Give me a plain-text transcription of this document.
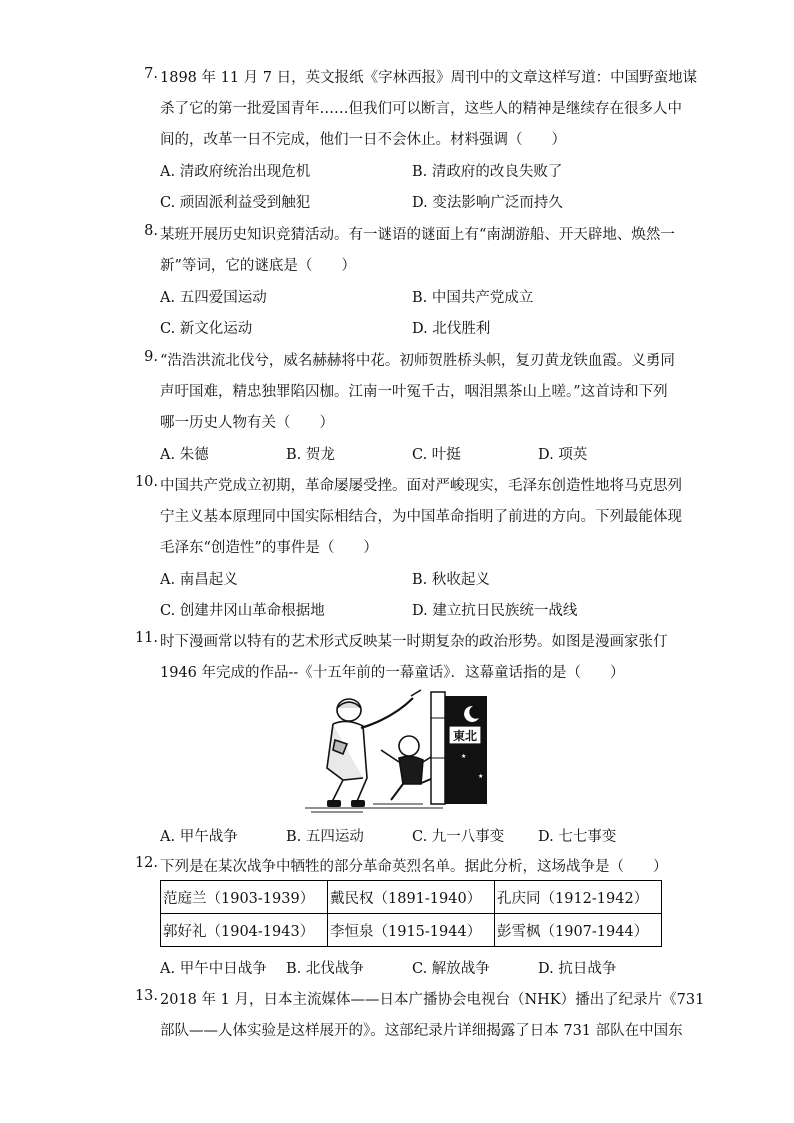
7. 1898 年 11 月 7 日，英文报纸《字林西报》周刊中的文章这样写道：中国野蛮地谋
杀了它的第一批爱国青年……但我们可以断言，这些人的精神是继续存在很多人中
间的，改革一日不完成，他们一日不会休止。材料强调（　　）
A. 清政府统治出现危机	B. 清政府的改良失败了
C. 顽固派利益受到触犯	D. 变法影响广泛而持久
8. 某班开展历史知识竞猜活动。有一谜语的谜面上有“南湖游船、开天辟地、焕然一
新”等词，它的谜底是（　　）
A. 五四爱国运动	B. 中国共产党成立
C. 新文化运动	D. 北伐胜利
9. “浩浩洪流北伐兮，威名赫赫将中花。初师贺胜桥头帜，复刃黄龙铁血霞。义勇同
声吁国难，精忠独罪陷囚枷。江南一叶冤千古，咽泪黑茶山上嗟。”这首诗和下列
哪一历史人物有关（　　）
A. 朱德	B. 贺龙	C. 叶挺	D. 项英
10. 中国共产党成立初期，革命屡屡受挫。面对严峻现实，毛泽东创造性地将马克思列
宁主义基本原理同中国实际相结合，为中国革命指明了前进的方向。下列最能体现
毛泽东“创造性”的事件是（　　）
A. 南昌起义	B. 秋收起义
C. 创建井冈山革命根据地	D. 建立抗日民族统一战线
11. 时下漫画常以特有的艺术形式反映某一时期复杂的政治形势。如图是漫画家张仃
1946 年完成的作品--《十五年前的一幕童话》．这幕童话指的是（　　）
A. 甲午战争	B. 五四运动	C. 九一八事变 D. 七七事变
★
★
東北
12. 下列是在某次战争中牺牲的部分革命英烈名单。据此分析，这场战争是（　　）
A. 甲午中日战争 B. 北伐战争	C. 解放战争	D. 抗日战争
范庭兰（1903-1939）	戴民权（1891-1940）	孔庆同（1912-1942）
郭好礼（1904-1943）	李恒泉（1915-1944）	彭雪枫（1907-1944）
13. 2018 年 1 月，日本主流媒体——日本广播协会电视台（NHK）播出了纪录片《731
部队——人体实验是这样展开的》。这部纪录片详细揭露了日本 731 部队在中国东
